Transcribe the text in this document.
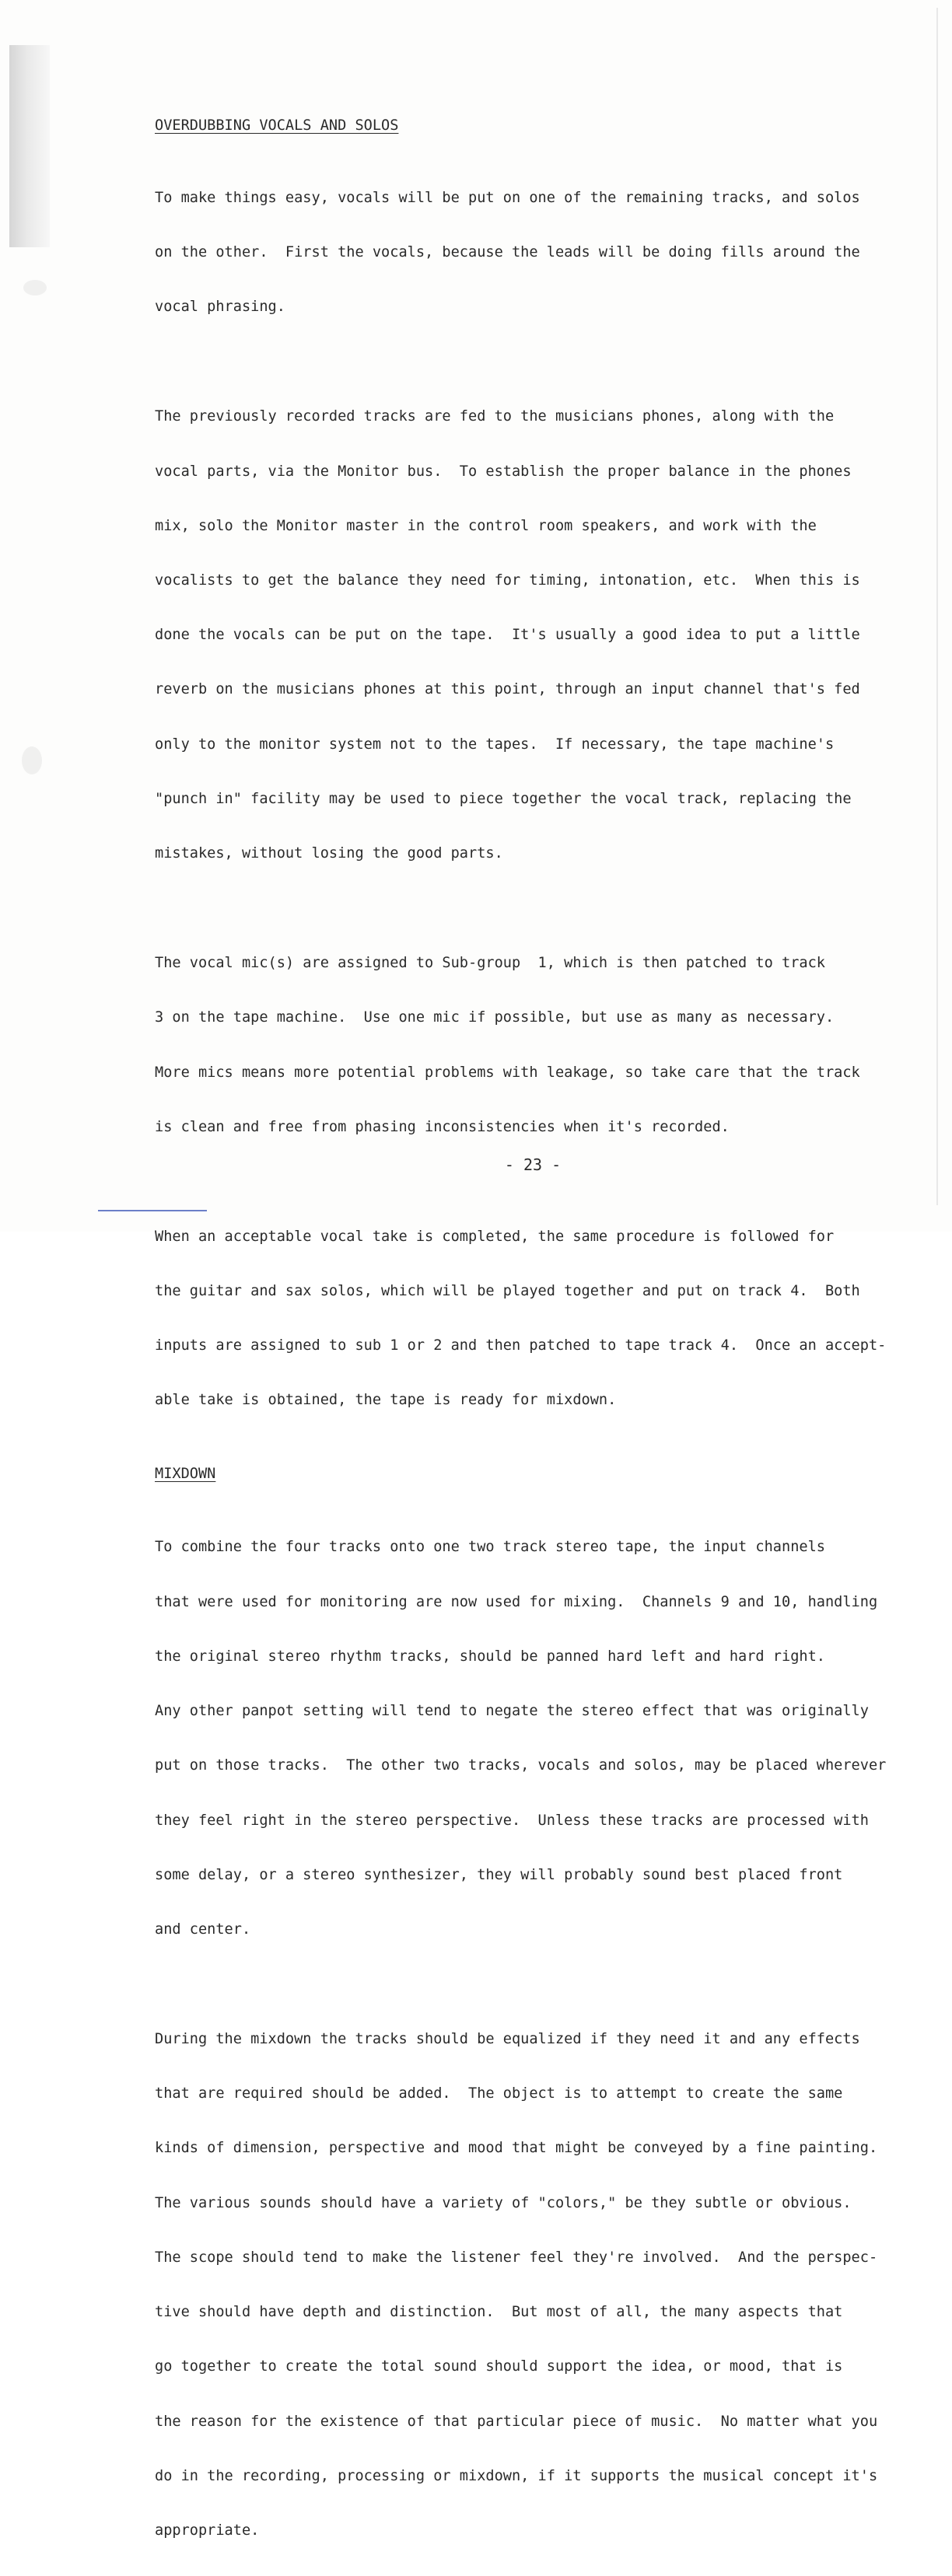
OVERDUBBING VOCALS AND SOLOS

To make things easy, vocals will be put on one of the remaining tracks, and solos

on the other.  First the vocals, because the leads will be doing fills around the

vocal phrasing.

The previously recorded tracks are fed to the musicians phones, along with the

vocal parts, via the Monitor bus.  To establish the proper balance in the phones

mix, solo the Monitor master in the control room speakers, and work with the

vocalists to get the balance they need for timing, intonation, etc.  When this is

done the vocals can be put on the tape.  It's usually a good idea to put a little

reverb on the musicians phones at this point, through an input channel that's fed

only to the monitor system not to the tapes.  If necessary, the tape machine's

"punch in" facility may be used to piece together the vocal track, replacing the

mistakes, without losing the good parts.

The vocal mic(s) are assigned to Sub-group  1, which is then patched to track

3 on the tape machine.  Use one mic if possible, but use as many as necessary.

More mics means more potential problems with leakage, so take care that the track

is clean and free from phasing inconsistencies when it's recorded.

When an acceptable vocal take is completed, the same procedure is followed for

the guitar and sax solos, which will be played together and put on track 4.  Both

inputs are assigned to sub 1 or 2 and then patched to tape track 4.  Once an accept-

able take is obtained, the tape is ready for mixdown.

MIXDOWN

To combine the four tracks onto one two track stereo tape, the input channels

that were used for monitoring are now used for mixing.  Channels 9 and 10, handling

the original stereo rhythm tracks, should be panned hard left and hard right.

Any other panpot setting will tend to negate the stereo effect that was originally

put on those tracks.  The other two tracks, vocals and solos, may be placed wherever

they feel right in the stereo perspective.  Unless these tracks are processed with

some delay, or a stereo synthesizer, they will probably sound best placed front

and center.

During the mixdown the tracks should be equalized if they need it and any effects

that are required should be added.  The object is to attempt to create the same

kinds of dimension, perspective and mood that might be conveyed by a fine painting.

The various sounds should have a variety of "colors," be they subtle or obvious.

The scope should tend to make the listener feel they're involved.  And the perspec-

tive should have depth and distinction.  But most of all, the many aspects that

go together to create the total sound should support the idea, or mood, that is

the reason for the existence of that particular piece of music.  No matter what you

do in the recording, processing or mixdown, if it supports the musical concept it's

appropriate.

- 23 -
